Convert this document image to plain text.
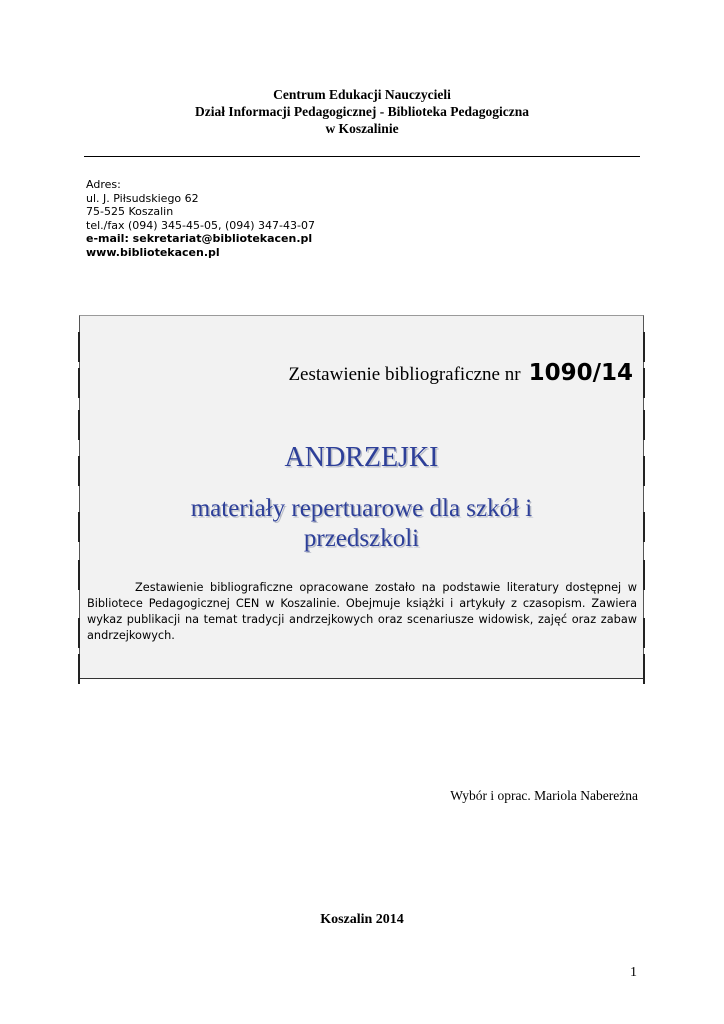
Centrum Edukacji Nauczycieli
Dział Informacji Pedagogicznej - Biblioteka Pedagogiczna
w Koszalinie
Adres:
ul. J. Piłsudskiego 62
75-525 Koszalin
tel./fax (094) 345-45-05, (094) 347-43-07
e-mail: sekretariat@bibliotekacen.pl
www.bibliotekacen.pl
Zestawienie bibliograficzne nr 1090/14
ANDRZEJKI
materiały repertuarowe dla szkół i
przedszkoli
Zestawienie bibliograficzne opracowane zostało na podstawie literatury dostępnej w Bibliotece Pedagogicznej CEN w Koszalinie. Obejmuje książki i artykuły z czasopism. Zawiera wykaz publikacji na temat tradycji andrzejkowych oraz scenariusze widowisk, zajęć oraz zabaw andrzejkowych.
Wybór i oprac. Mariola Nabereżna
Koszalin 2014
1
